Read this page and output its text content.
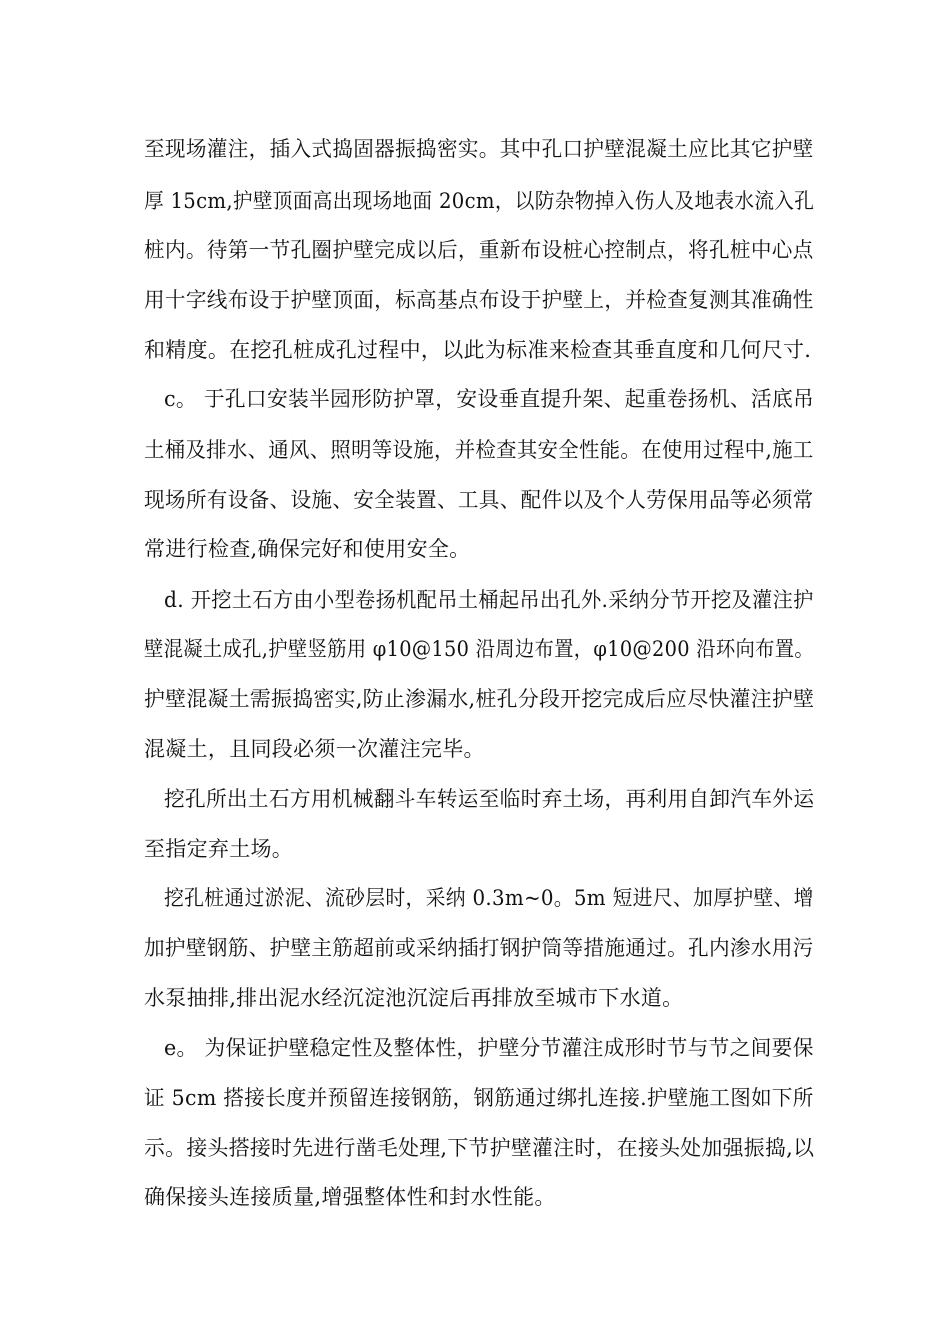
至现场灌注，插入式捣固器振捣密实。其中孔口护壁混凝土应比其它护壁
厚 15cm,护壁顶面高出现场地面 20cm，以防杂物掉入伤人及地表水流入孔
桩内。待第一节孔圈护壁完成以后，重新布设桩心控制点，将孔桩中心点
用十字线布设于护壁顶面，标高基点布设于护壁上，并检查复测其准确性
和精度。在挖孔桩成孔过程中，以此为标准来检查其垂直度和几何尺寸.
c。 于孔口安装半园形防护罩，安设垂直提升架、起重卷扬机、活底吊
土桶及排水、通风、照明等设施，并检查其安全性能。在使用过程中,施工
现场所有设备、设施、安全装置、工具、配件以及个人劳保用品等必须常
常进行检查,确保完好和使用安全。
d. 开挖土石方由小型卷扬机配吊土桶起吊出孔外.采纳分节开挖及灌注护
壁混凝土成孔,护壁竖筋用 φ10@150 沿周边布置，φ10@200 沿环向布置。
护壁混凝土需振捣密实,防止渗漏水,桩孔分段开挖完成后应尽快灌注护壁
混凝土，且同段必须一次灌注完毕。
挖孔所出土石方用机械翻斗车转运至临时弃土场，再利用自卸汽车外运
至指定弃土场。
挖孔桩通过淤泥、流砂层时，采纳 0.3m~0。5m 短进尺、加厚护壁、增
加护壁钢筋、护壁主筋超前或采纳插打钢护筒等措施通过。孔内渗水用污
水泵抽排,排出泥水经沉淀池沉淀后再排放至城市下水道。
e。 为保证护壁稳定性及整体性，护壁分节灌注成形时节与节之间要保
证 5cm 搭接长度并预留连接钢筋，钢筋通过绑扎连接.护壁施工图如下所
示。接头搭接时先进行凿毛处理,下节护壁灌注时，在接头处加强振捣,以
确保接头连接质量,增强整体性和封水性能。
